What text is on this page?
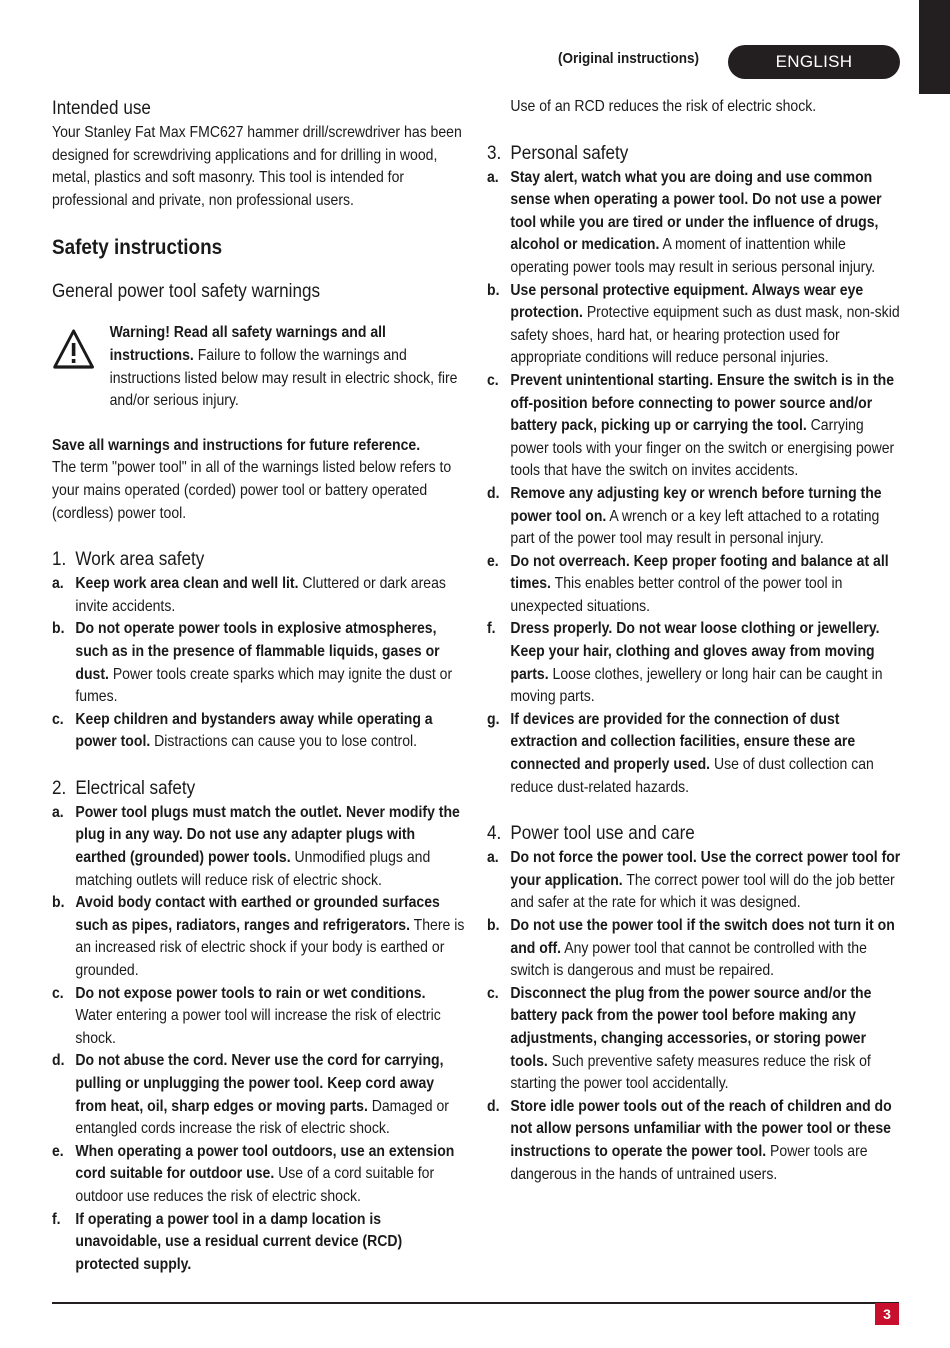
(Original instructions)	ENGLISH
Intended use

Your Stanley Fat Max FMC627 hammer drill/screwdriver has been designed for screwdriving applications and for drilling in wood, metal, plastics and soft masonry. This tool is intended for professional and private, non professional users.

Safety instructions
General power tool safety warnings

Warning! Read all safety warnings and all instructions. Failure to follow the warnings and instructions listed below may result in electric shock, fire and/or serious injury.

Save all warnings and instructions for future reference.

The term "power tool" in all of the warnings listed below refers to your mains operated (corded) power tool or battery operated (cordless) power tool.

1. Work area safety
a. Keep work area clean and well lit. Cluttered or dark areas invite accidents.

b. Do not operate power tools in explosive atmospheres, such as in the presence of flammable liquids, gases or dust. Power tools create sparks which may ignite the dust or fumes.

c. Keep children and bystanders away while operating a power tool. Distractions can cause you to lose control.

2. Electrical safety
a. Power tool plugs must match the outlet. Never modify the plug in any way. Do not use any adapter plugs with earthed (grounded) power tools. Unmodified plugs and matching outlets will reduce risk of electric shock.

b. Avoid body contact with earthed or grounded surfaces such as pipes, radiators, ranges and refrigerators. There is an increased risk of electric shock if your body is earthed or grounded.

c. Do not expose power tools to rain or wet conditions. Water entering a power tool will increase the risk of electric shock.

d. Do not abuse the cord. Never use the cord for carrying, pulling or unplugging the power tool. Keep cord away from heat, oil, sharp edges or moving parts. Damaged or entangled cords increase the risk of electric shock.

e. When operating a power tool outdoors, use an extension cord suitable for outdoor use. Use of a cord suitable for outdoor use reduces the risk of electric shock.

f. If operating a power tool in a damp location is unavoidable, use a residual current device (RCD) protected supply.

Use of an RCD reduces the risk of electric shock.

3. Personal safety
a. Stay alert, watch what you are doing and use common sense when operating a power tool. Do not use a power tool while you are tired or under the influence of drugs, alcohol or medication. A moment of inattention while operating power tools may result in serious personal injury.

b. Use personal protective equipment. Always wear eye protection. Protective equipment such as dust mask, non-skid safety shoes, hard hat, or hearing protection used for appropriate conditions will reduce personal injuries.

c. Prevent unintentional starting. Ensure the switch is in the off-position before connecting to power source and/or battery pack, picking up or carrying the tool. Carrying power tools with your finger on the switch or energising power tools that have the switch on invites accidents.

d. Remove any adjusting key or wrench before turning the power tool on. A wrench or a key left attached to a rotating part of the power tool may result in personal injury.

e. Do not overreach. Keep proper footing and balance at all times. This enables better control of the power tool in unexpected situations.

f. Dress properly. Do not wear loose clothing or jewellery. Keep your hair, clothing and gloves away from moving parts. Loose clothes, jewellery or long hair can be caught in moving parts.

g. If devices are provided for the connection of dust extraction and collection facilities, ensure these are connected and properly used. Use of dust collection can reduce dust-related hazards.

4. Power tool use and care
a. Do not force the power tool. Use the correct power tool for your application. The correct power tool will do the job better and safer at the rate for which it was designed.

b. Do not use the power tool if the switch does not turn it on and off. Any power tool that cannot be controlled with the switch is dangerous and must be repaired.

c. Disconnect the plug from the power source and/or the battery pack from the power tool before making any adjustments, changing accessories, or storing power tools. Such preventive safety measures reduce the risk of starting the power tool accidentally.

d. Store idle power tools out of the reach of children and do not allow persons unfamiliar with the power tool or these instructions to operate the power tool. Power tools are dangerous in the hands of untrained users.

3
